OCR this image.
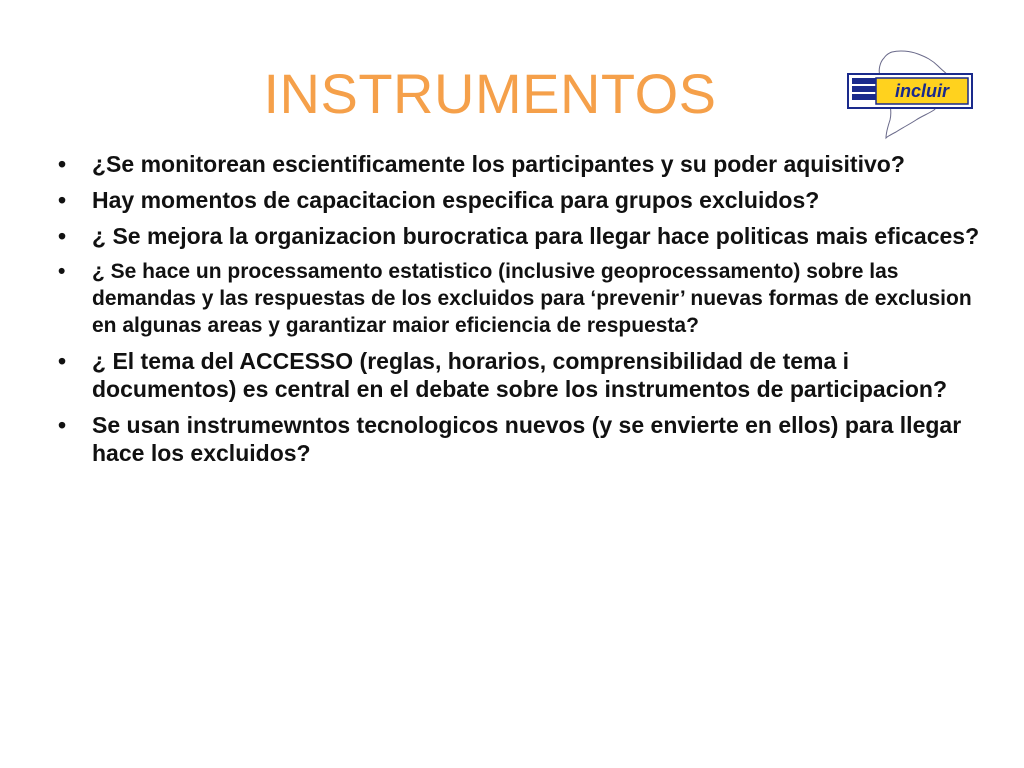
INSTRUMENTOS	incluir
• ¿Se monitorean escientificamente los participantes y su poder aquisitivo?
• Hay momentos de capacitacion especifica para grupos excluidos?
• ¿ Se mejora la organizacion burocratica para llegar hace politicas mais eficaces?
• ¿ Se hace un processamento estatistico (inclusive geoprocessamento) sobre las demandas y las respuestas de los excluidos para ‘prevenir’ nuevas formas de exclusion en algunas areas y garantizar maior eficiencia de respuesta?
• ¿ El tema del ACCESSO (reglas, horarios, comprensibilidad de tema i documentos) es central en el debate sobre los instrumentos de participacion?
• Se usan instrumewntos tecnologicos nuevos (y se envierte en ellos) para llegar hace los excluidos?
